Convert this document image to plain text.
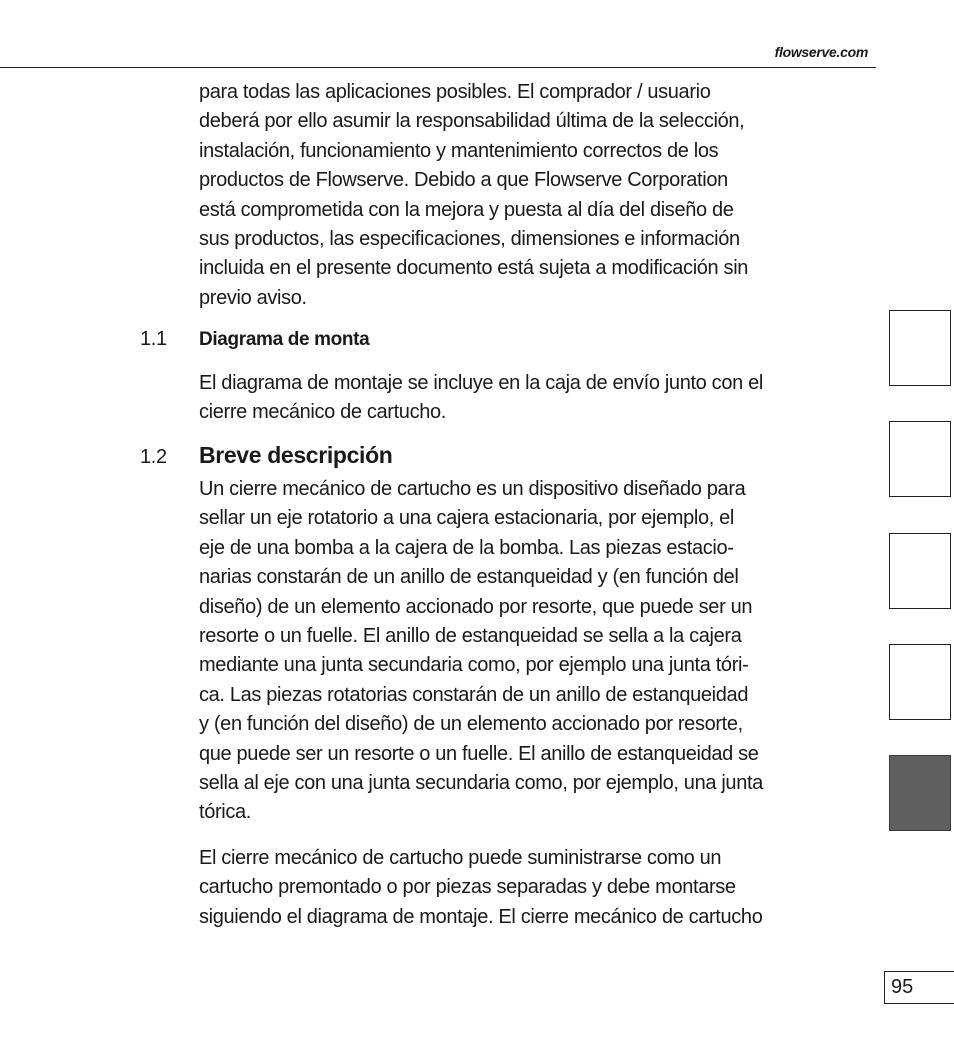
flowserve.com

para todas las aplicaciones posibles. El comprador / usuario
deberá por ello asumir la responsabilidad última de la selección,
instalación, funcionamiento y mantenimiento correctos de los
productos de Flowserve. Debido a que Flowserve Corporation
está comprometida con la mejora y puesta al día del diseño de
sus productos, las especificaciones, dimensiones e información
incluida en el presente documento está sujeta a modificación sin
previo aviso.

1.1	Diagrama de monta

El diagrama de montaje se incluye en la caja de envío junto con el
cierre mecánico de cartucho.

1.2	Breve descripción

Un cierre mecánico de cartucho es un dispositivo diseñado para
sellar un eje rotatorio a una cajera estacionaria, por ejemplo, el
eje de una bomba a la cajera de la bomba. Las piezas estacio-
narias constarán de un anillo de estanqueidad y (en función del
diseño) de un elemento accionado por resorte, que puede ser un
resorte o un fuelle. El anillo de estanqueidad se sella a la cajera
mediante una junta secundaria como, por ejemplo una junta tóri-
ca. Las piezas rotatorias constarán de un anillo de estanqueidad
y (en función del diseño) de un elemento accionado por resorte,
que puede ser un resorte o un fuelle. El anillo de estanqueidad se
sella al eje con una junta secundaria como, por ejemplo, una junta
tórica.

El cierre mecánico de cartucho puede suministrarse como un
cartucho premontado o por piezas separadas y debe montarse
siguiendo el diagrama de montaje. El cierre mecánico de cartucho

95
